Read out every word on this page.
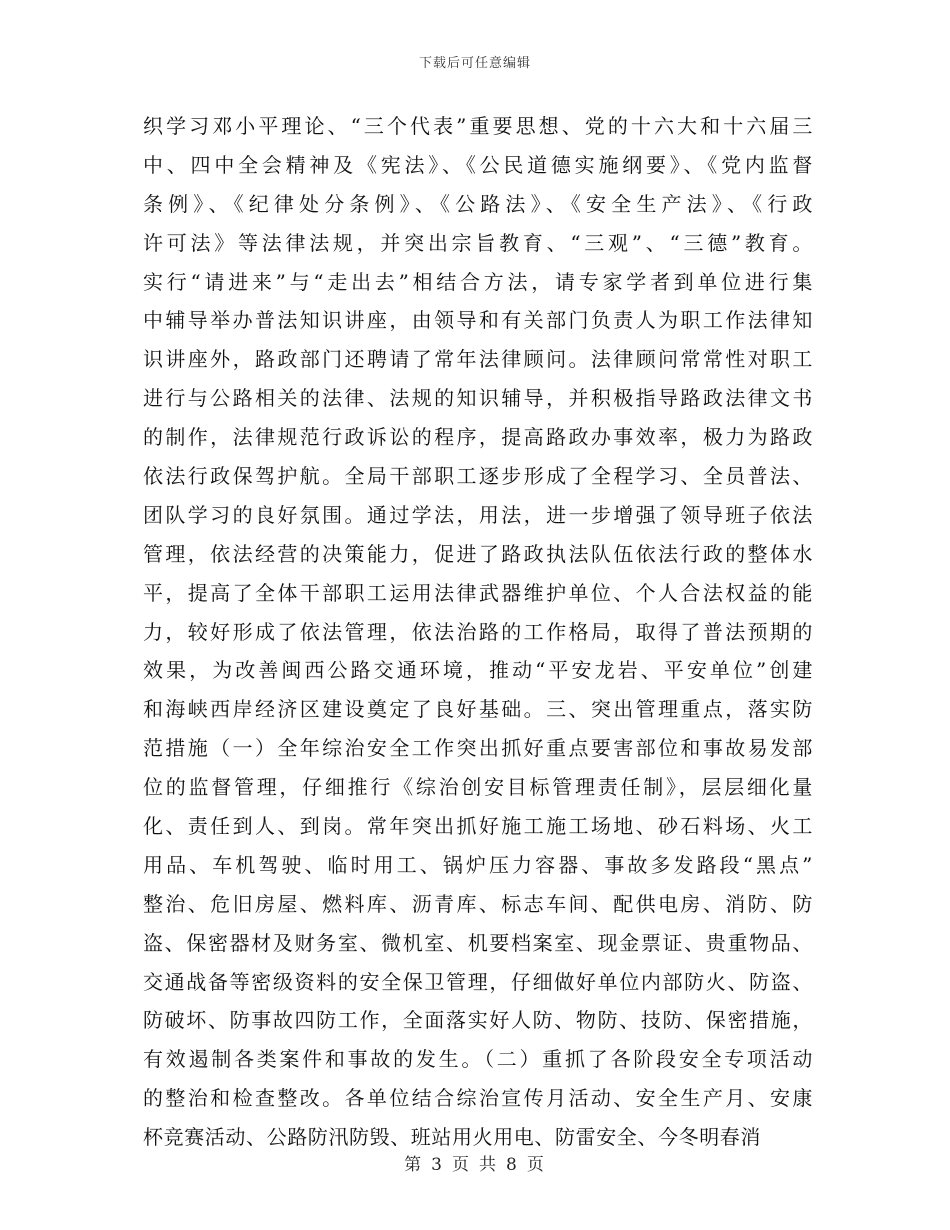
下载后可任意编辑
织学习邓小平理论、“三个代表”重要思想、党的十六大和十六届三
中、四中全会精神及《宪法》、《公民道德实施纲要》、《党内监督
条例》、《纪律处分条例》、《公路法》、《安全生产法》、《行政
许可法》等法律法规，并突出宗旨教育、“三观”、“三德”教育。
实行“请进来”与“走出去”相结合方法，请专家学者到单位进行集
中辅导举办普法知识讲座，由领导和有关部门负责人为职工作法律知
识讲座外，路政部门还聘请了常年法律顾问。法律顾问常常性对职工
进行与公路相关的法律、法规的知识辅导，并积极指导路政法律文书
的制作，法律规范行政诉讼的程序，提高路政办事效率，极力为路政
依法行政保驾护航。全局干部职工逐步形成了全程学习、全员普法、
团队学习的良好氛围。通过学法，用法，进一步增强了领导班子依法
管理，依法经营的决策能力，促进了路政执法队伍依法行政的整体水
平，提高了全体干部职工运用法律武器维护单位、个人合法权益的能
力，较好形成了依法管理，依法治路的工作格局，取得了普法预期的
效果，为改善闽西公路交通环境，推动“平安龙岩、平安单位”创建
和海峡西岸经济区建设奠定了良好基础。三、突出管理重点，落实防
范措施（一）全年综治安全工作突出抓好重点要害部位和事故易发部
位的监督管理，仔细推行《综治创安目标管理责任制》，层层细化量
化、责任到人、到岗。常年突出抓好施工施工场地、砂石料场、火工
用品、车机驾驶、临时用工、锅炉压力容器、事故多发路段“黑点”
整治、危旧房屋、燃料库、沥青库、标志车间、配供电房、消防、防
盗、保密器材及财务室、微机室、机要档案室、现金票证、贵重物品、
交通战备等密级资料的安全保卫管理，仔细做好单位内部防火、防盗、
防破坏、防事故四防工作，全面落实好人防、物防、技防、保密措施，
有效遏制各类案件和事故的发生。（二）重抓了各阶段安全专项活动
的整治和检查整改。各单位结合综治宣传月活动、安全生产月、安康
杯竞赛活动、公路防汛防毁、班站用火用电、防雷安全、今冬明春消
第 3 页 共 8 页
